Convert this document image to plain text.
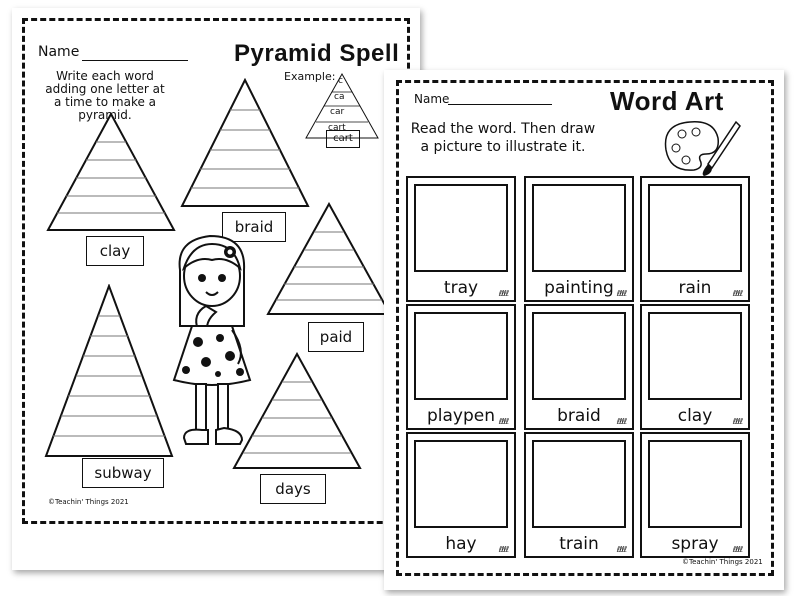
Name	Pyramid Spell
Write each word adding one letter at a time to make a pyramid.
Example: c
ca
car
cart
cart
clay
braid
paid
subway
days
©Teachin' Things 2021
Name	Word Art
Read the word. Then draw a picture to illustrate it.
tray	ℓℓℓℓ	painting ℓℓℓℓ	rain	ℓℓℓℓ
playpen ℓℓℓℓ	braid	ℓℓℓℓ	clay	ℓℓℓℓ
hay	ℓℓℓℓ	train	ℓℓℓℓ	spray	ℓℓℓℓ
©Teachin' Things 2021
